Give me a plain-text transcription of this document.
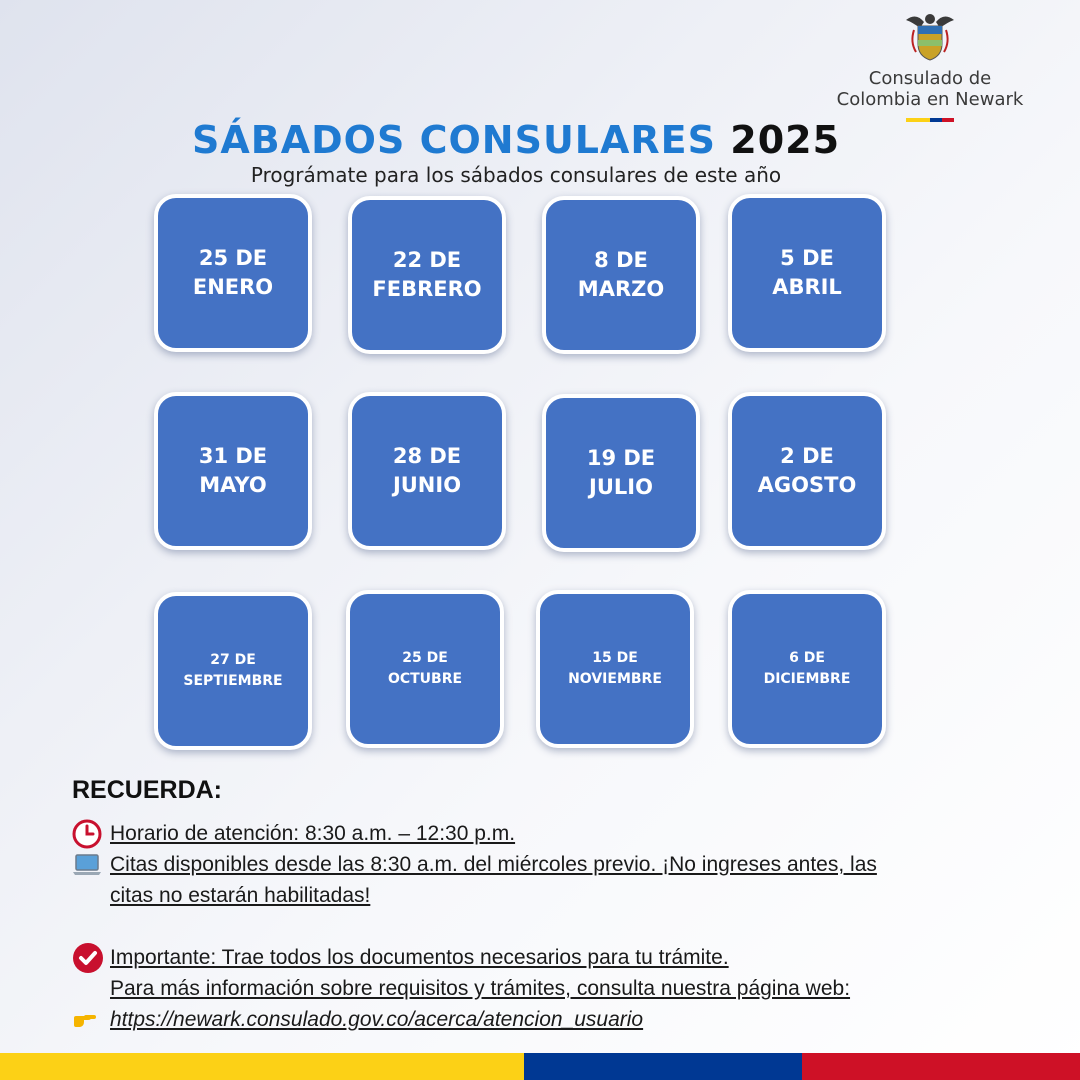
Consulado de
Colombia en Newark
SÁBADOS CONSULARES 2025
Prográmate para los sábados consulares de este año
25 DE
ENERO
22 DE
FEBRERO
8 DE
MARZO
5 DE
ABRIL
31 DE
MAYO
28 DE
JUNIO
19 DE
JULIO
2 DE
AGOSTO
27 DE
SEPTIEMBRE
25 DE
OCTUBRE
15 DE
NOVIEMBRE
6 DE
DICIEMBRE
RECUERDA:
Horario de atención: 8:30 a.m. – 12:30 p.m.
Citas disponibles desde las 8:30 a.m. del miércoles previo. ¡No ingreses antes, las
citas no estarán habilitadas!
Importante: Trae todos los documentos necesarios para tu trámite.
Para más información sobre requisitos y trámites, consulta nuestra página web:
https://newark.consulado.gov.co/acerca/atencion_usuario
